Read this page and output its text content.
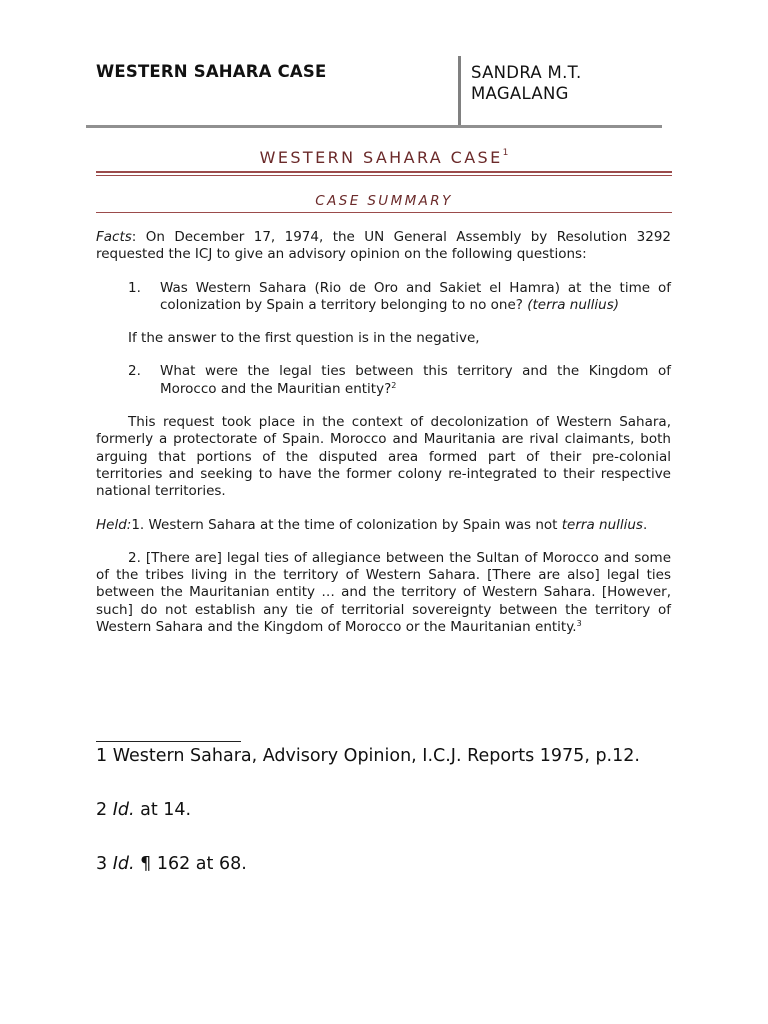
WESTERN SAHARA CASE	SANDRA M.T.
MAGALANG
WESTERN SAHARA CASE$^1$
CASE SUMMARY

Facts: On December 17, 1974, the UN General Assembly by Resolution 3292 requested the ICJ to give an advisory opinion on the following questions:

1. Was Western Sahara (Rio de Oro and Sakiet el Hamra) at the time of colonization by Spain a territory belonging to no one? (terra nullius)

If the answer to the first question is in the negative,

2. What were the legal ties between this territory and the Kingdom of Morocco and the Mauritian entity?$^2$

This request took place in the context of decolonization of Western Sahara, formerly a protectorate of Spain. Morocco and Mauritania are rival claimants, both arguing that portions of the disputed area formed part of their pre-colonial territories and seeking to have the former colony re-integrated to their respective national territories.

Held:1. Western Sahara at the time of colonization by Spain was not terra nullius.

2. [There are] legal ties of allegiance between the Sultan of Morocco and some of the tribes living in the territory of Western Sahara. [There are also] legal ties between the Mauritanian entity … and the territory of Western Sahara. [However, such] do not establish any tie of territorial sovereignty between the territory of Western Sahara and the Kingdom of Morocco or the Mauritanian entity.$^3$

1 Western Sahara, Advisory Opinion, I.C.J. Reports 1975, p.12.

2 Id. at 14.

3 Id. ¶ 162 at 68.
